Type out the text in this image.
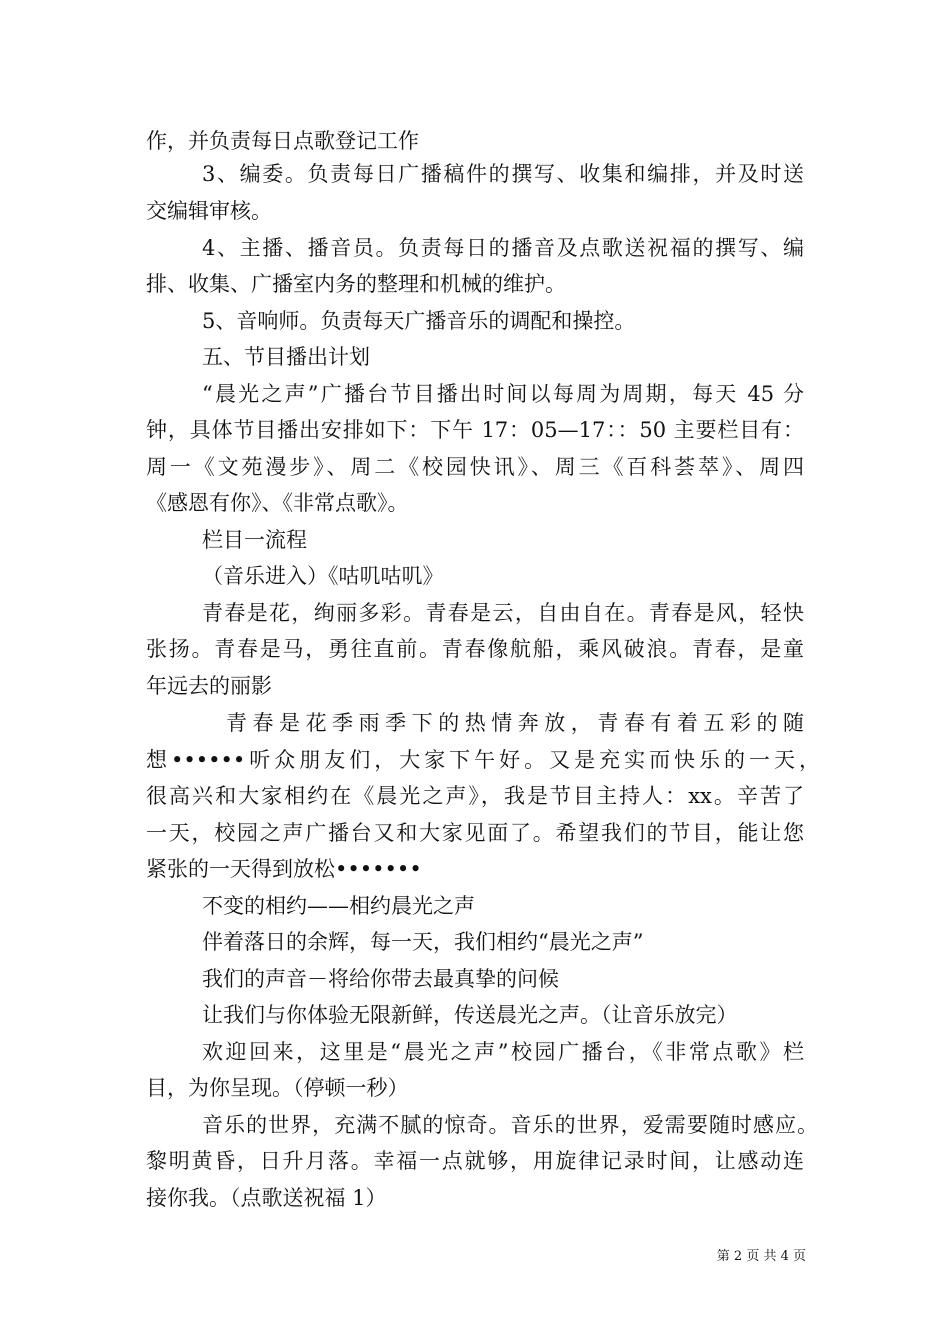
作，并负责每日点歌登记工作
3、编委。负责每日广播稿件的撰写、收集和编排，并及时送
交编辑审核。
4、主播、播音员。负责每日的播音及点歌送祝福的撰写、编
排、收集、广播室内务的整理和机械的维护。
5、音响师。负责每天广播音乐的调配和操控。
五、节目播出计划
“晨光之声”广播台节目播出时间以每周为周期，每天 45 分
钟，具体节目播出安排如下：下午 17：05—17：：50 主要栏目有：
周一《文苑漫步》、周二《校园快讯》、周三《百科荟萃》、周四
《感恩有你》、《非常点歌》。
栏目一流程
（音乐进入）《咕叽咕叽》
青春是花，绚丽多彩。青春是云，自由自在。青春是风，轻快
张扬。青春是马，勇往直前。青春像航船，乘风破浪。青春，是童
年远去的丽影
青春是花季雨季下的热情奔放，青春有着五彩的随
想••••••听众朋友们，大家下午好。又是充实而快乐的一天，
很高兴和大家相约在《晨光之声》，我是节目主持人：xx。辛苦了
一天，校园之声广播台又和大家见面了。希望我们的节目，能让您
紧张的一天得到放松•••••••
不变的相约——相约晨光之声
伴着落日的余辉，每一天，我们相约“晨光之声”
我们的声音－将给你带去最真挚的问候
让我们与你体验无限新鲜，传送晨光之声。（让音乐放完）
欢迎回来，这里是“晨光之声”校园广播台，《非常点歌》栏
目，为你呈现。（停顿一秒）
音乐的世界，充满不腻的惊奇。音乐的世界，爱需要随时感应。
黎明黄昏，日升月落。幸福一点就够，用旋律记录时间，让感动连
接你我。（点歌送祝福 1）
第 2 页 共 4 页
